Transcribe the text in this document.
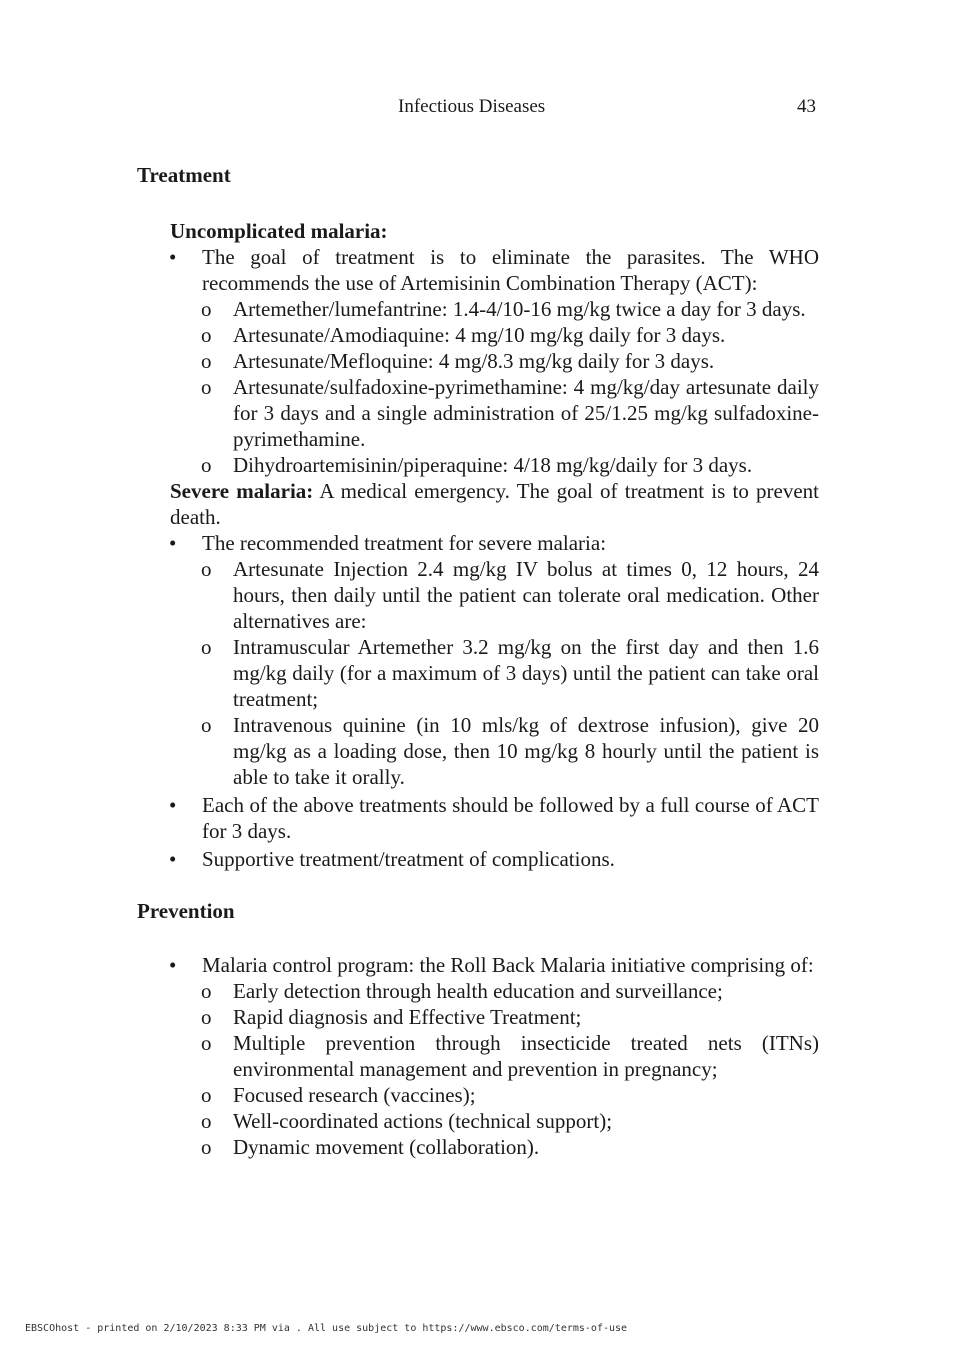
Infectious Diseases	43
Treatment
Uncomplicated malaria:
• The goal of treatment is to eliminate the parasites. The WHO recommends the use of Artemisinin Combination Therapy (ACT):
o Artemether/lumefantrine: 1.4-4/10-16 mg/kg twice a day for 3 days.
o Artesunate/Amodiaquine: 4 mg/10 mg/kg daily for 3 days.
o Artesunate/Mefloquine: 4 mg/8.3 mg/kg daily for 3 days.
o Artesunate/sulfadoxine-pyrimethamine: 4 mg/kg/day artesunate daily for 3 days and a single administration of 25/1.25 mg/kg sulfadoxine-pyrimethamine.
o Dihydroartemisinin/piperaquine: 4/18 mg/kg/daily for 3 days.
Severe malaria: A medical emergency. The goal of treatment is to prevent death.
• The recommended treatment for severe malaria:
o Artesunate Injection 2.4 mg/kg IV bolus at times 0, 12 hours, 24 hours, then daily until the patient can tolerate oral medication. Other alternatives are:
o Intramuscular Artemether 3.2 mg/kg on the first day and then 1.6 mg/kg daily (for a maximum of 3 days) until the patient can take oral treatment;
o Intravenous quinine (in 10 mls/kg of dextrose infusion), give 20 mg/kg as a loading dose, then 10 mg/kg 8 hourly until the patient is able to take it orally.
• Each of the above treatments should be followed by a full course of ACT for 3 days.
• Supportive treatment/treatment of complications.
Prevention
• Malaria control program: the Roll Back Malaria initiative comprising of:
o Early detection through health education and surveillance;
o Rapid diagnosis and Effective Treatment;
o Multiple prevention through insecticide treated nets (ITNs) environmental management and prevention in pregnancy;
o Focused research (vaccines);
o Well-coordinated actions (technical support);
o Dynamic movement (collaboration).
EBSCOhost - printed on 2/10/2023 8:33 PM via . All use subject to https://www.ebsco.com/terms-of-use
